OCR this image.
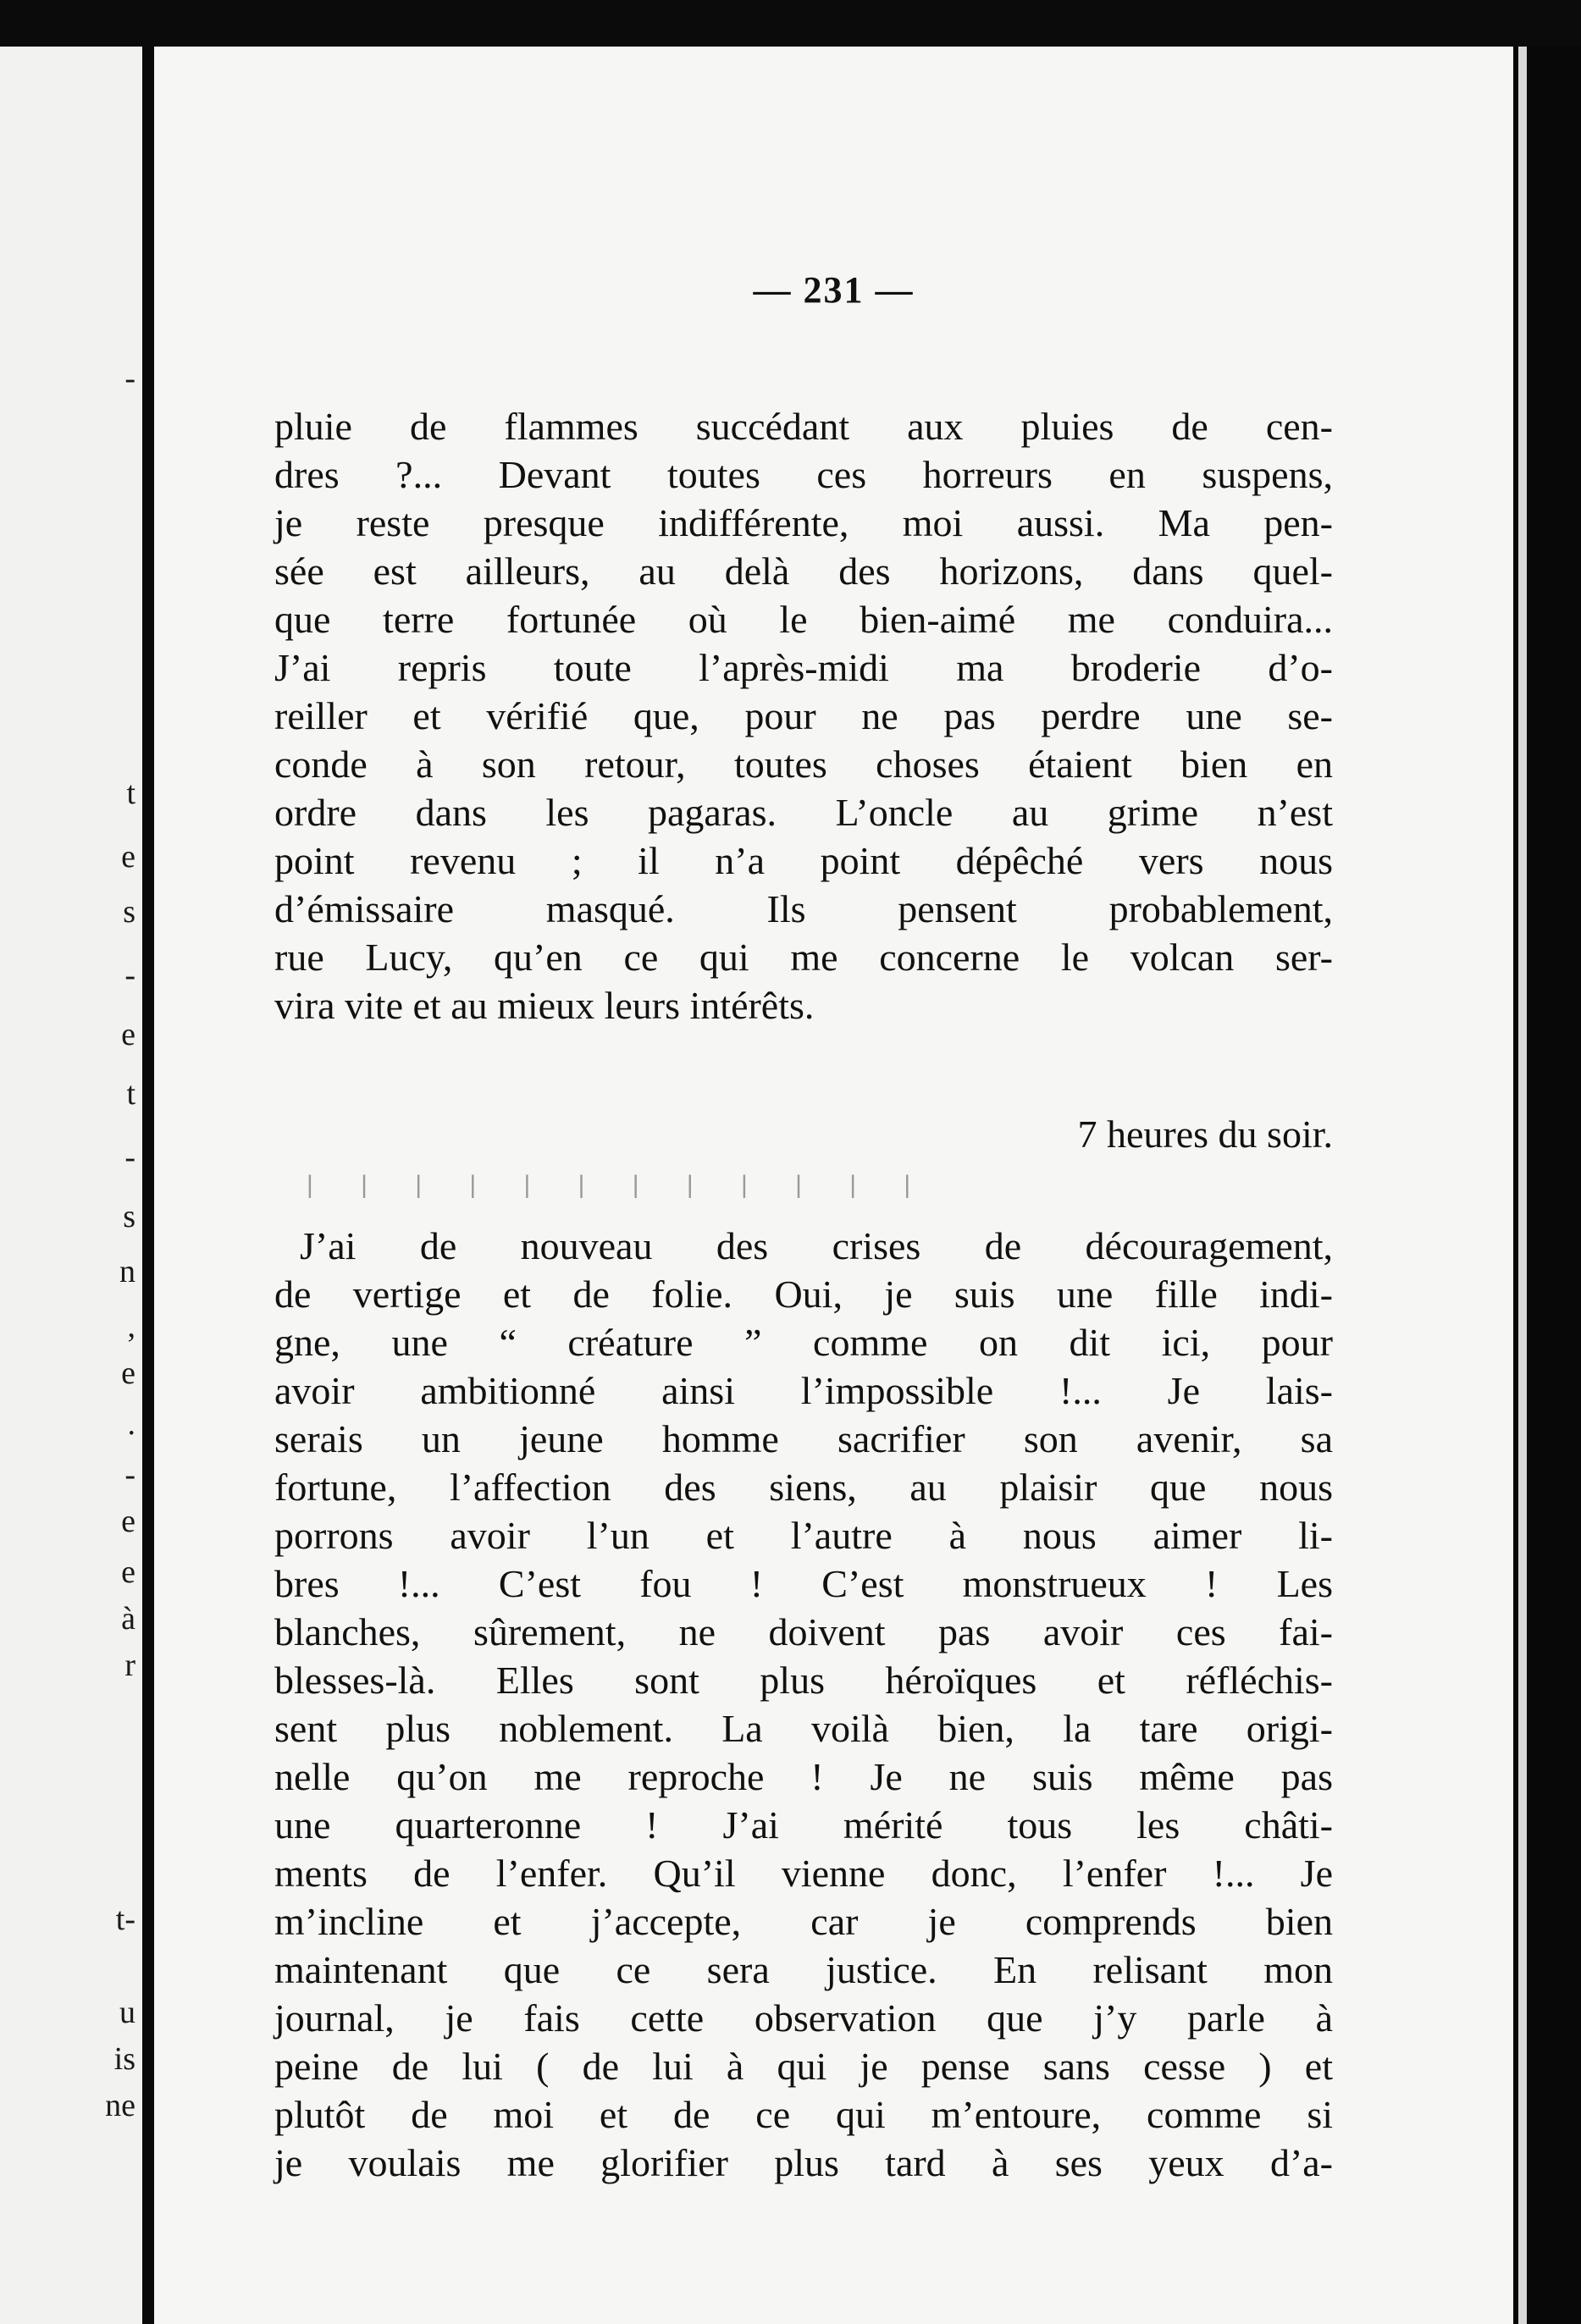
-
t
e
s
-
e
t
-
s
n
,
e
.
-
e
e
à
r
t-
u
is
ne
— 231 —
pluie de flammes succédant aux pluies de cen-
dres ?... Devant toutes ces horreurs en suspens,
je reste presque indifférente, moi aussi. Ma pen-
sée est ailleurs, au delà des horizons, dans quel-
que terre fortunée où le bien-aimé me conduira...
J’ai repris toute l’après-midi ma broderie d’o-
reiller et vérifié que, pour ne pas perdre une se-
conde à son retour, toutes choses étaient bien en
ordre dans les pagaras. L’oncle au grime n’est
point revenu ; il n’a point dépêché vers nous
d’émissaire masqué. Ils pensent probablement,
rue Lucy, qu’en ce qui me concerne le volcan ser-
vira vite et au mieux leurs intérêts.
7 heures du soir.
| | | | | | | | | | | |
J’ai de nouveau des crises de découragement,
de vertige et de folie. Oui, je suis une fille indi-
gne, une “ créature ” comme on dit ici, pour
avoir ambitionné ainsi l’impossible !... Je lais-
serais un jeune homme sacrifier son avenir, sa
fortune, l’affection des siens, au plaisir que nous
porrons avoir l’un et l’autre à nous aimer li-
bres !... C’est fou ! C’est monstrueux ! Les
blanches, sûrement, ne doivent pas avoir ces fai-
blesses-là. Elles sont plus héroïques et réfléchis-
sent plus noblement. La voilà bien, la tare origi-
nelle qu’on me reproche ! Je ne suis même pas
une quarteronne ! J’ai mérité tous les châti-
ments de l’enfer. Qu’il vienne donc, l’enfer !... Je
m’incline et j’accepte, car je comprends bien
maintenant que ce sera justice. En relisant mon
journal, je fais cette observation que j’y parle à
peine de lui ( de lui à qui je pense sans cesse ) et
plutôt de moi et de ce qui m’entoure, comme si
je voulais me glorifier plus tard à ses yeux d’a-
